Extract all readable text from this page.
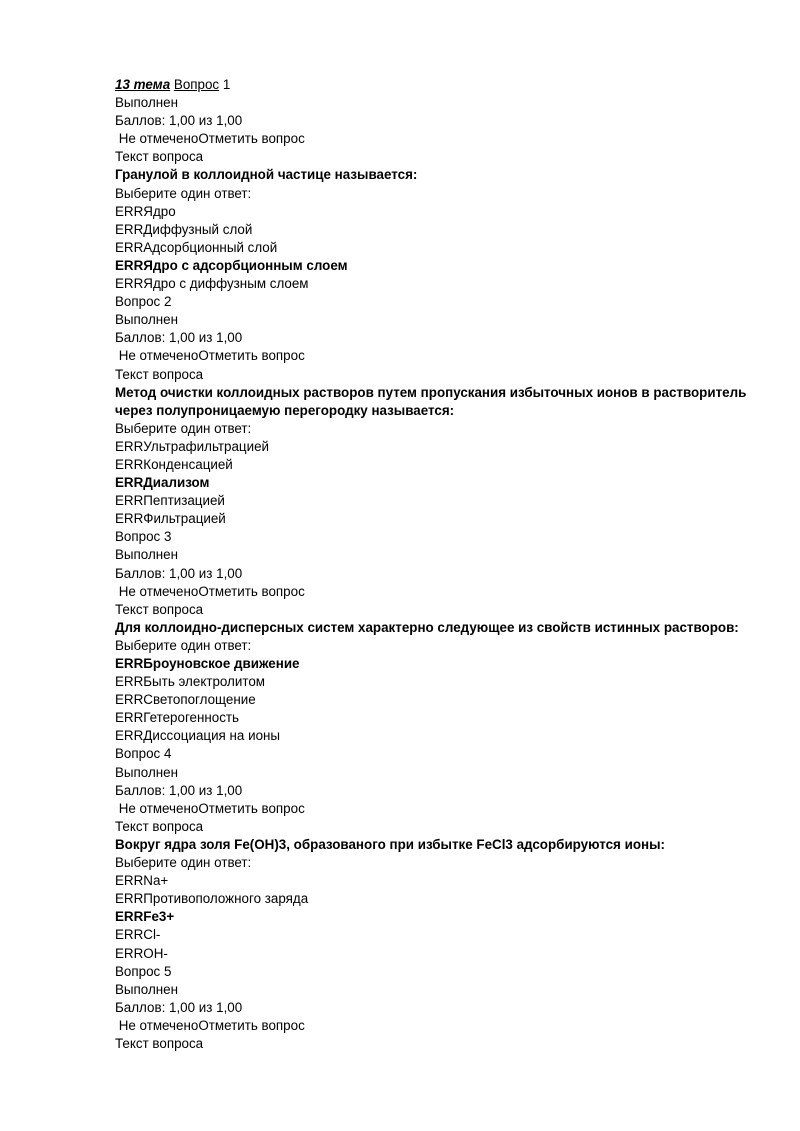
13 тема Вопрос 1
Выполнен
Баллов: 1,00 из 1,00
Не отмеченоОтметить вопрос
Текст вопроса
Гранулой в коллоидной частице называется:
Выберите один ответ:
ERRЯдро
ERRДиффузный слой
ERRАдсорбционный слой
ERRЯдро с адсорбционным слоем
ERRЯдро с диффузным слоем
Вопрос 2
Выполнен
Баллов: 1,00 из 1,00
Не отмеченоОтметить вопрос
Текст вопроса
Метод очистки коллоидных растворов путем пропускания избыточных ионов в растворитель через полупроницаемую перегородку называется:
Выберите один ответ:
ERRУльтрафильтрацией
ERRКонденсацией
ERRДиализом
ERRПептизацией
ERRФильтрацией
Вопрос 3
Выполнен
Баллов: 1,00 из 1,00
Не отмеченоОтметить вопрос
Текст вопроса
Для коллоидно-дисперсных систем характерно следующее из свойств истинных растворов:
Выберите один ответ:
ERRБроуновское движение
ERRБыть электролитом
ERRСветопоглощение
ERRГетерогенность
ERRДиссоциация на ионы
Вопрос 4
Выполнен
Баллов: 1,00 из 1,00
Не отмеченоОтметить вопрос
Текст вопроса
Вокруг ядра золя Fe(OH)3, образованого при избытке FeCl3 адсорбируются ионы:
Выберите один ответ:
ERRNa+
ERRПротивоположного заряда
ERRFe3+
ERRCl-
ERROH-
Вопрос 5
Выполнен
Баллов: 1,00 из 1,00
Не отмеченоОтметить вопрос
Текст вопроса
